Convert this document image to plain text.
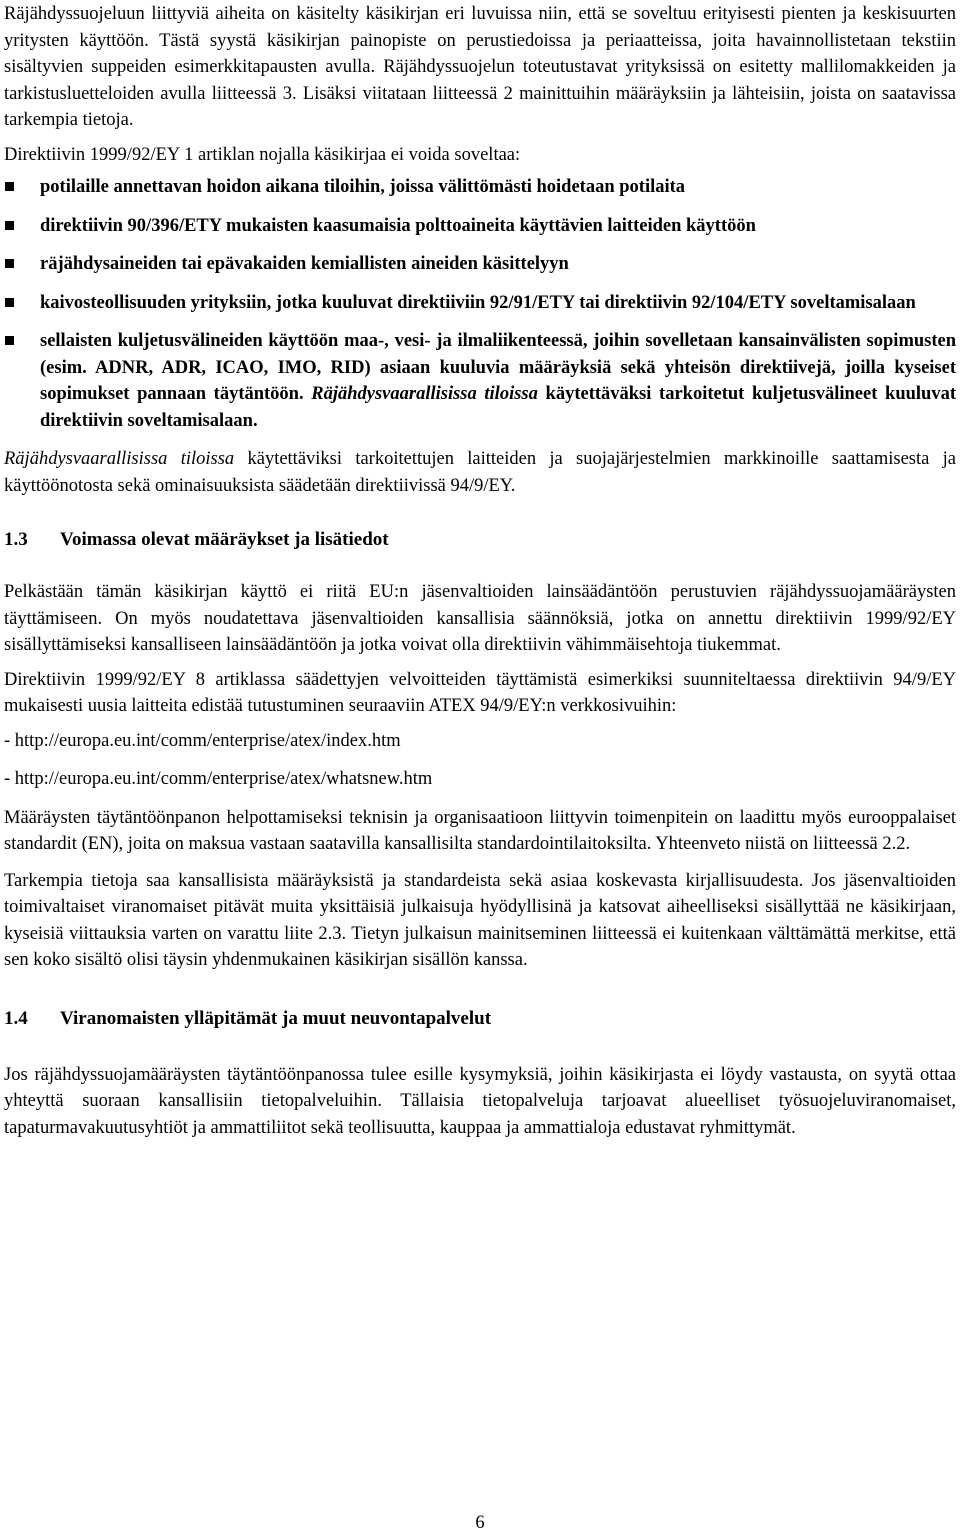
Räjähdyssuojeluun liittyviä aiheita on käsitelty käsikirjan eri luvuissa niin, että se soveltuu erityisesti pienten ja keskisuurten yritysten käyttöön. Tästä syystä käsikirjan painopiste on perustiedoissa ja periaatteissa, joita havainnollistetaan tekstiin sisältyvien suppeiden esimerkkitapausten avulla. Räjähdyssuojelun toteutustavat yrityksissä on esitetty mallilomakkeiden ja tarkistusluetteloiden avulla liitteessä 3. Lisäksi viitataan liitteessä 2 mainittuihin määräyksiin ja lähteisiin, joista on saatavissa tarkempia tietoja.

Direktiivin 1999/92/EY 1 artiklan nojalla käsikirjaa ei voida soveltaa:

potilaille annettavan hoidon aikana tiloihin, joissa välittömästi hoidetaan potilaita
direktiivin 90/396/ETY mukaisten kaasumaisia polttoaineita käyttävien laitteiden käyttöön
räjähdysaineiden tai epävakaiden kemiallisten aineiden käsittelyyn
kaivosteollisuuden yrityksiin, jotka kuuluvat direktiiviin 92/91/ETY tai direktiivin 92/104/ETY soveltamisalaan
sellaisten kuljetusvälineiden käyttöön maa-, vesi- ja ilmaliikenteessä, joihin sovelletaan kansainvälisten sopimusten (esim. ADNR, ADR, ICAO, IMO, RID) asiaan kuuluvia määräyksiä sekä yhteisön direktiivejä, joilla kyseiset sopimukset pannaan täytäntöön. Räjähdysvaarallisissa tiloissa käytettäväksi tarkoitetut kuljetusvälineet kuuluvat direktiivin soveltamisalaan.

Räjähdysvaarallisissa tiloissa käytettäviksi tarkoitettujen laitteiden ja suojajärjestelmien markkinoille saattamisesta ja käyttöönotosta sekä ominaisuuksista säädetään direktiivissä 94/9/EY.

1.3	Voimassa olevat määräykset ja lisätiedot

Pelkästään tämän käsikirjan käyttö ei riitä EU:n jäsenvaltioiden lainsäädäntöön perustuvien räjähdyssuojamääräysten täyttämiseen. On myös noudatettava jäsenvaltioiden kansallisia säännöksiä, jotka on annettu direktiivin 1999/92/EY sisällyttämiseksi kansalliseen lainsäädäntöön ja jotka voivat olla direktiivin vähimmäisehtoja tiukemmat.

Direktiivin 1999/92/EY 8 artiklassa säädettyjen velvoitteiden täyttämistä esimerkiksi suunniteltaessa direktiivin 94/9/EY mukaisesti uusia laitteita edistää tutustuminen seuraaviin ATEX 94/9/EY:n verkkosivuihin:

- http://europa.eu.int/comm/enterprise/atex/index.htm

- http://europa.eu.int/comm/enterprise/atex/whatsnew.htm

Määräysten täytäntöönpanon helpottamiseksi teknisin ja organisaatioon liittyvin toimenpitein on laadittu myös eurooppalaiset standardit (EN), joita on maksua vastaan saatavilla kansallisilta standardointilaitoksilta. Yhteenveto niistä on liitteessä 2.2.

Tarkempia tietoja saa kansallisista määräyksistä ja standardeista sekä asiaa koskevasta kirjallisuudesta. Jos jäsenvaltioiden toimivaltaiset viranomaiset pitävät muita yksittäisiä julkaisuja hyödyllisinä ja katsovat aiheelliseksi sisällyttää ne käsikirjaan, kyseisiä viittauksia varten on varattu liite 2.3. Tietyn julkaisun mainitseminen liitteessä ei kuitenkaan välttämättä merkitse, että sen koko sisältö olisi täysin yhdenmukainen käsikirjan sisällön kanssa.

1.4	Viranomaisten ylläpitämät ja muut neuvontapalvelut

Jos räjähdyssuojamääräysten täytäntöönpanossa tulee esille kysymyksiä, joihin käsikirjasta ei löydy vastausta, on syytä ottaa yhteyttä suoraan kansallisiin tietopalveluihin. Tällaisia tietopalveluja tarjoavat alueelliset työsuojeluviranomaiset, tapaturmavakuutusyhtiöt ja ammattiliitot sekä teollisuutta, kauppaa ja ammattialoja edustavat ryhmittymät.

6
